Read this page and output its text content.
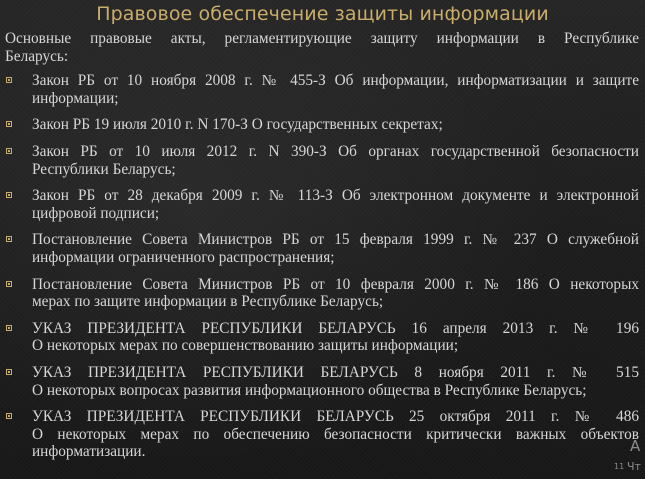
Правовое обеспечение защиты информации
Основные правовые акты, регламентирующие защиту информации в Республике
Беларусь:
Закон РБ от 10 ноября 2008 г. № 455-З Об информации, информатизации и защите
информации;
Закон РБ 19 июля 2010 г. N 170-З О государственных секретах;
Закон РБ от 10 июля 2012 г. N 390-З Об органах государственной безопасности
Республики Беларусь;
Закон РБ от 28 декабря 2009 г. № 113-З Об электронном документе и электронной
цифровой подписи;
Постановление Совета Министров РБ от 15 февраля 1999 г. № 237 О служебной
информации ограниченного распространения;
Постановление Совета Министров РБ от 10 февраля 2000 г. № 186 О некоторых
мерах по защите информации в Республике Беларусь;
УКАЗ ПРЕЗИДЕНТА РЕСПУБЛИКИ БЕЛАРУСЬ 16 апреля 2013 г. № 196
О некоторых мерах по совершенствованию защиты информации;
УКАЗ ПРЕЗИДЕНТА РЕСПУБЛИКИ БЕЛАРУСЬ 8 ноября 2011 г. № 515
О некоторых вопросах развития информационного общества в Республике Беларусь;
УКАЗ ПРЕЗИДЕНТА РЕСПУБЛИКИ БЕЛАРУСЬ 25 октября 2011 г. № 486
О некоторых мерах по обеспечению безопасности критически важных объектов
информатизации.
11
A
Чт
